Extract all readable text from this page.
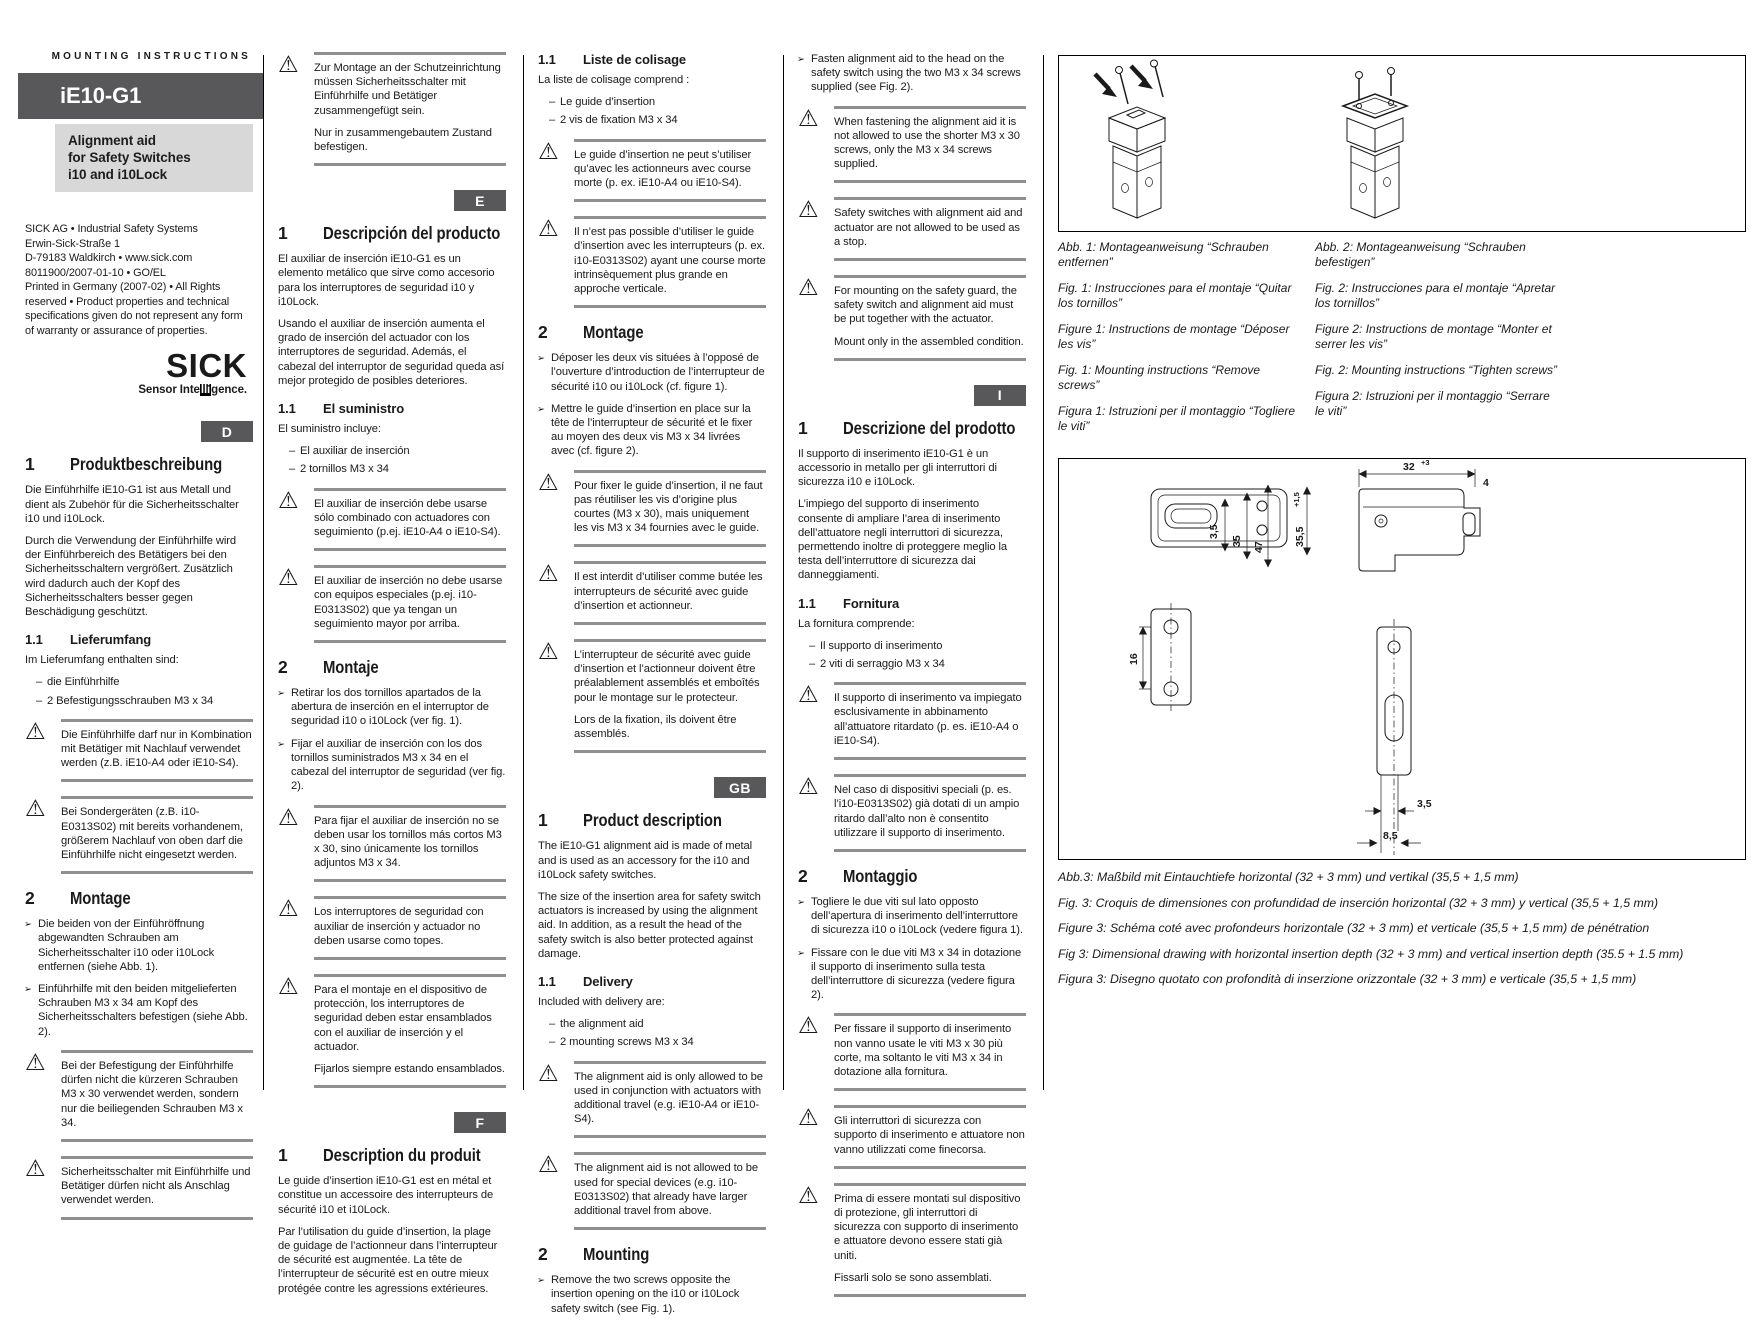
MOUNTING INSTRUCTIONS
iE10-G1
Alignment aid
for Safety Switches
i10 and i10Lock
SICK AG • Industrial Safety Systems
Erwin-Sick-Straße 1
D-79183 Waldkirch • www.sick.com
8011900/2007-01-10 • GO/EL
Printed in Germany (2007-02) • All Rights reserved • Product properties and technical specifications given do not represent any form of warranty or assurance of properties.
SICK
Sensor Intelligence.
D
1	Produktbeschreibung

Die Einführhilfe iE10-G1 ist aus Metall und dient als Zubehör für die Sicherheitsschalter i10 und i10Lock.

Durch die Verwendung der Einführhilfe wird der Einführbereich des Betätigers bei den Sicherheitsschaltern vergrößert. Zusätzlich wird dadurch auch der Kopf des Sicherheitsschalters besser gegen Beschädigung geschützt.

1.1	Lieferumfang

Im Lieferumfang enthalten sind:

– die Einführhilfe
– 2 Befestigungsschrauben M3 x 34
⚠

Die Einführhilfe darf nur in Kombination mit Betätiger mit Nachlauf verwendet werden (z.B. iE10-A4 oder iE10-S4).

⚠

Bei Sondergeräten (z.B. i10-E0313S02) mit bereits vorhandenem, größerem Nachlauf von oben darf die Einführhilfe nicht eingesetzt werden.

2	Montage
➢ Die beiden von der Einführöffnung abgewandten Schrauben am Sicherheitsschalter i10 oder i10Lock entfernen (siehe Abb. 1).
➢ Einführhilfe mit den beiden mitgelieferten Schrauben M3 x 34 am Kopf des Sicherheitsschalters befestigen (siehe Abb. 2).
⚠

Bei der Befestigung der Einführhilfe dürfen nicht die kürzeren Schrauben M3 x 30 verwendet werden, sondern nur die beiliegenden Schrauben M3 x 34.

⚠

Sicherheitsschalter mit Einführhilfe und Betätiger dürfen nicht als Anschlag verwendet werden.

⚠

Zur Montage an der Schutzeinrichtung müssen Sicherheitsschalter mit Einführhilfe und Betätiger zusammengefügt sein.

Nur in zusammengebautem Zustand befestigen.

E
1	Descripción del producto

El auxiliar de inserción iE10-G1 es un elemento metálico que sirve como accesorio para los interruptores de seguridad i10 y i10Lock.

Usando el auxiliar de inserción aumenta el grado de inserción del actuador con los interruptores de seguridad. Además, el cabezal del interruptor de seguridad queda así mejor protegido de posibles deteriores.

1.1	El suministro

El suministro incluye:

– El auxiliar de inserción
– 2 tornillos M3 x 34
⚠

El auxiliar de inserción debe usarse sólo combinado con actuadores con seguimiento (p.ej. iE10-A4 o iE10-S4).

⚠

El auxiliar de inserción no debe usarse con equipos especiales (p.ej. i10-E0313S02) que ya tengan un seguimiento mayor por arriba.

2	Montaje
➢ Retirar los dos tornillos apartados de la abertura de inserción en el interruptor de seguridad i10 o i10Lock (ver fig. 1).
➢ Fijar el auxiliar de inserción con los dos tornillos suministrados M3 x 34 en el cabezal del interruptor de seguridad (ver fig. 2).
⚠

Para fijar el auxiliar de inserción no se deben usar los tornillos más cortos M3 x 30, sino únicamente los tornillos adjuntos M3 x 34.

⚠

Los interruptores de seguridad con auxiliar de inserción y actuador no deben usarse como topes.

⚠

Para el montaje en el dispositivo de protección, los interruptores de seguridad deben estar ensamblados con el auxiliar de inserción y el actuador.

Fijarlos siempre estando ensamblados.

F
1	Description du produit

Le guide d’insertion iE10-G1 est en métal et constitue un accessoire des interrupteurs de sécurité i10 et i10Lock.

Par l’utilisation du guide d’insertion, la plage de guidage de l’actionneur dans l’interrupteur de sécurité est augmentée. La tête de l’interrupteur de sécurité est en outre mieux protégée contre les agressions extérieures.

1.1	Liste de colisage

La liste de colisage comprend :

– Le guide d’insertion
– 2 vis de fixation M3 x 34
⚠

Le guide d’insertion ne peut s’utiliser qu’avec les actionneurs avec course morte (p. ex. iE10-A4 ou iE10-S4).

⚠

Il n’est pas possible d’utiliser le guide d’insertion avec les interrupteurs (p. ex. i10-E0313S02) ayant une course morte intrinsèquement plus grande en approche verticale.

2	Montage
➢ Déposer les deux vis situées à l’opposé de l’ouverture d’introduction de l’interrupteur de sécurité i10 ou i10Lock (cf. figure 1).
➢ Mettre le guide d’insertion en place sur la tête de l’interrupteur de sécurité et le fixer au moyen des deux vis M3 x 34 livrées avec (cf. figure 2).
⚠

Pour fixer le guide d’insertion, il ne faut pas réutiliser les vis d’origine plus courtes (M3 x 30), mais uniquement les vis M3 x 34 fournies avec le guide.

⚠

Il est interdit d’utiliser comme butée les interrupteurs de sécurité avec guide d’insertion et actionneur.

⚠

L’interrupteur de sécurité avec guide d’insertion et l’actionneur doivent être préalablement assemblés et emboîtés pour le montage sur le protecteur.

Lors de la fixation, ils doivent être assemblés.

GB
1	Product description

The iE10-G1 alignment aid is made of metal and is used as an accessory for the i10 and i10Lock safety switches.

The size of the insertion area for safety switch actuators is increased by using the alignment aid. In addition, as a result the head of the safety switch is also better protected against damage.

1.1	Delivery

Included with delivery are:

– the alignment aid
– 2 mounting screws M3 x 34
⚠

The alignment aid is only allowed to be used in conjunction with actuators with additional travel (e.g. iE10-A4 or iE10-S4).

⚠

The alignment aid is not allowed to be used for special devices (e.g. i10-E0313S02) that already have larger additional travel from above.

2	Mounting
➢ Remove the two screws opposite the insertion opening on the i10 or i10Lock safety switch (see Fig. 1).
➢ Fasten alignment aid to the head on the safety switch using the two M3 x 34 screws supplied (see Fig. 2).
⚠

When fastening the alignment aid it is not allowed to use the shorter M3 x 30 screws, only the M3 x 34 screws supplied.

⚠

Safety switches with alignment aid and actuator are not allowed to be used as a stop.

⚠

For mounting on the safety guard, the safety switch and alignment aid must be put together with the actuator.

Mount only in the assembled condition.

I
1	Descrizione del prodotto

Il supporto di inserimento iE10-G1 è un accessorio in metallo per gli interruttori di sicurezza i10 e i10Lock.

L’impiego del supporto di inserimento consente di ampliare l’area di inserimento dell’attuatore negli interruttori di sicurezza, permettendo inoltre di proteggere meglio la testa dell’interruttore di sicurezza dai danneggiamenti.

1.1	Fornitura

La fornitura comprende:

– Il supporto di inserimento
– 2 viti di serraggio M3 x 34
⚠

Il supporto di inserimento va impiegato esclusivamente in abbinamento all’attuatore ritardato (p. es. iE10-A4 o iE10-S4).

⚠

Nel caso di dispositivi speciali (p. es. l’i10-E0313S02) già dotati di un ampio ritardo dall’alto non è consentito utilizzare il supporto di inserimento.

2	Montaggio
➢ Togliere le due viti sul lato opposto dell’apertura di inserimento dell’interruttore di sicurezza i10 o i10Lock (vedere figura 1).
➢ Fissare con le due viti M3 x 34 in dotazione il supporto di inserimento sulla testa dell’interruttore di sicurezza (vedere figura 2).
⚠

Per fissare il supporto di inserimento non vanno usate le viti M3 x 30 più corte, ma soltanto le viti M3 x 34 in dotazione alla fornitura.

⚠

Gli interruttori di sicurezza con supporto di inserimento e attuatore non vanno utilizzati come finecorsa.

⚠

Prima di essere montati sul dispositivo di protezione, gli interruttori di sicurezza con supporto di inserimento e attuatore devono essere stati già uniti.

Fissarli solo se sono assemblati.

Abb. 1: Montageanweisung “Schrauben entfernen”

Fig. 1: Instrucciones para el montaje “Quitar los tornillos”

Figure 1: Instructions de montage “Déposer les vis”

Fig. 1: Mounting instructions “Remove screws”

Figura 1: Istruzioni per il montaggio “Togliere le viti”

Abb. 2: Montageanweisung “Schrauben befestigen”

Fig. 2: Instrucciones para el montaje “Apretar los tornillos”

Figure 2: Instructions de montage “Monter et serrer les vis”

Fig. 2: Mounting instructions “Tighten screws”

Figura 2: Istruzioni per il montaggio “Serrare le viti”

3,5
35
47
35,5
+1,5
32 +3
4
16
3,5
8,5

Abb.3: Maßbild mit Eintauchtiefe horizontal (32 + 3 mm) und vertikal (35,5 + 1,5 mm)

Fig. 3: Croquis de dimensiones con profundidad de inserción horizontal (32 + 3 mm) y vertical (35,5 + 1,5 mm)

Figure 3: Schéma coté avec profondeurs horizontale (32 + 3 mm) et verticale (35,5 + 1,5 mm) de pénétration

Fig 3: Dimensional drawing with horizontal insertion depth (32 + 3 mm) and vertical insertion depth (35.5 + 1.5 mm)

Figura 3: Disegno quotato con profondità di inserzione orizzontale (32 + 3 mm) e verticale (35,5 + 1,5 mm)
